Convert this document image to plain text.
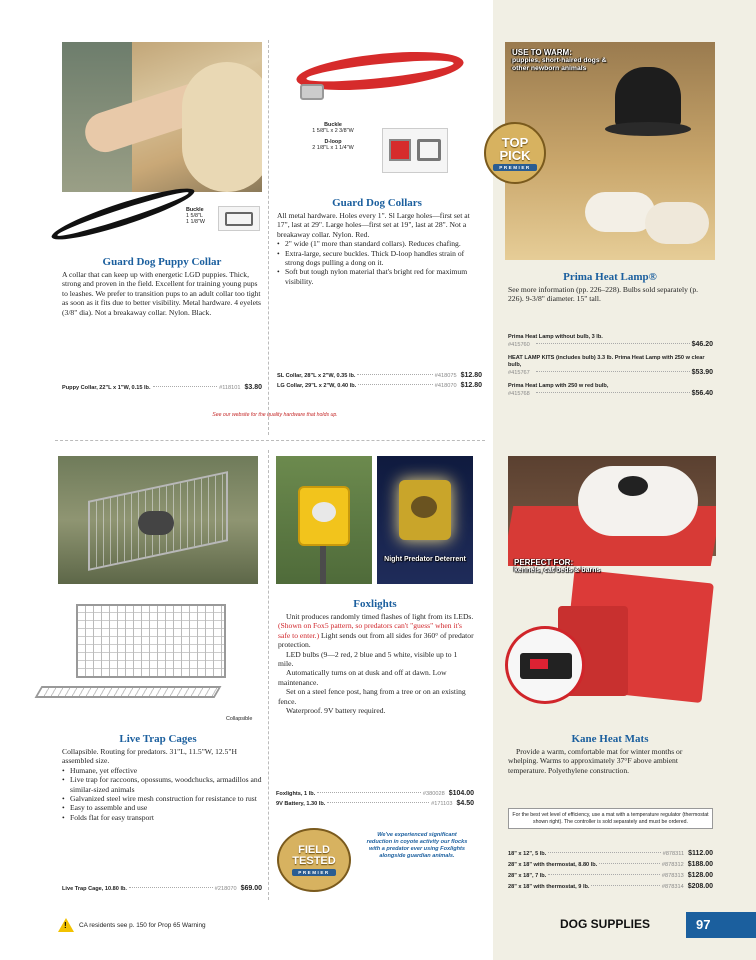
Buckle
1 5/8"L
1 1/8"W
Guard Dog Puppy Collar
A collar that can keep up with energetic LGD puppies. Thick, strong and proven in the field. Excellent for training young pups to leashes. We prefer to transition pups to an adult collar too tight as soon as it fits due to better visibility. Metal hardware. 4 eyelets (3/8" dia). Not a breakaway collar. Nylon. Black.
Puppy Collar, 22"L x 1"W, 0.15 lb.	#118101 $3.80
Buckle
1 5/8"L x 2 3/8"W
D-loop
2 1/8"L x 1 1/4"W
Guard Dog Collars
All metal hardware. Holes every 1". Sl Large holes—first set at 17", last at 29". Large holes—first set at 19", last at 28". Not a breakaway collar. Nylon. Red.
• 2" wide (1" more than standard collars). Reduces chafing.
• Extra-large, secure buckles. Thick D-loop handles strain of strong dogs pulling a dong on it.
• Soft but tough nylon material that's bright red for maximum visibility.
SL Collar, 28"L x 2"W, 0.35 lb.	#418075 $12.80
LG Collar, 29"L x 2"W, 0.40 lb.	#418070 $12.80
See our website for the quality hardware that holds up.
USE TO WARM:
puppies, short-haired dogs & other newborn animals
TOP
PICK
PREMIER
Prima Heat Lamp®
See more information (pp. 226–228). Bulbs sold separately (p. 226). 9-3/8" diameter. 15" tall.
Prima Heat Lamp without bulb, 3 lb.
#415760	$46.20
HEAT LAMP KITS (includes bulb) 3.3 lb. Prima Heat Lamp with 250 w clear bulb,
#415767	$53.90
Prima Heat Lamp with 250 w red bulb,
#415768	$56.40
Collapsible
Live Trap Cages
Collapsible. Routing for predators. 31"L, 11.5"W, 12.5"H assembled size.
• Humane, yet effective
• Live trap for raccoons, opossums, woodchucks, armadillos and similar-sized animals
• Galvanized steel wire mesh construction for resistance to rust
• Easy to assemble and use
• Folds flat for easy transport
Live Trap Cage, 10.80 lb.	#218070 $69.00
Night Predator Deterrent
Foxlights
Unit produces randomly timed flashes of light from its LEDs. (Shown on Fox5 pattern, so predators can't "guess" when it's safe to enter.) Light sends out from all sides for 360° of predator protection.
LED bulbs (9—2 red, 2 blue and 5 white, visible up to 1 mile.
Automatically turns on at dusk and off at dawn. Low maintenance.
Set on a steel fence post, hang from a tree or on an existing fence.
Waterproof. 9V battery required.
Foxlights, 1 lb.	#380028 $104.00
9V Battery, 1.30 lb.	#171103 $4.50
FIELD
TESTED
PREMIER
We've experienced significant reduction in coyote activity our flocks with a predator ever using Foxlights alongside guardian animals.
PERFECT FOR:
kennels, cat beds & barns
Kane Heat Mats
Provide a warm, comfortable mat for winter months or whelping. Warms to approximately 37°F above ambient temperature. Polyethylene construction.
For the best vet level of efficiency, use a mat with a temperature regulator (thermostat shown right). The controller is sold separately and must be ordered.
18" x 12", 5 lb.	#878311 $112.00
28" x 18" with thermostat, 8.80 lb.	#878312 $188.00
28" x 18", 7 lb.	#878313 $128.00
28" x 18" with thermostat, 9 lb.	#878314 $208.00
! CA residents see p. 150 for Prop 65 Warning	DOG SUPPLIES	97
